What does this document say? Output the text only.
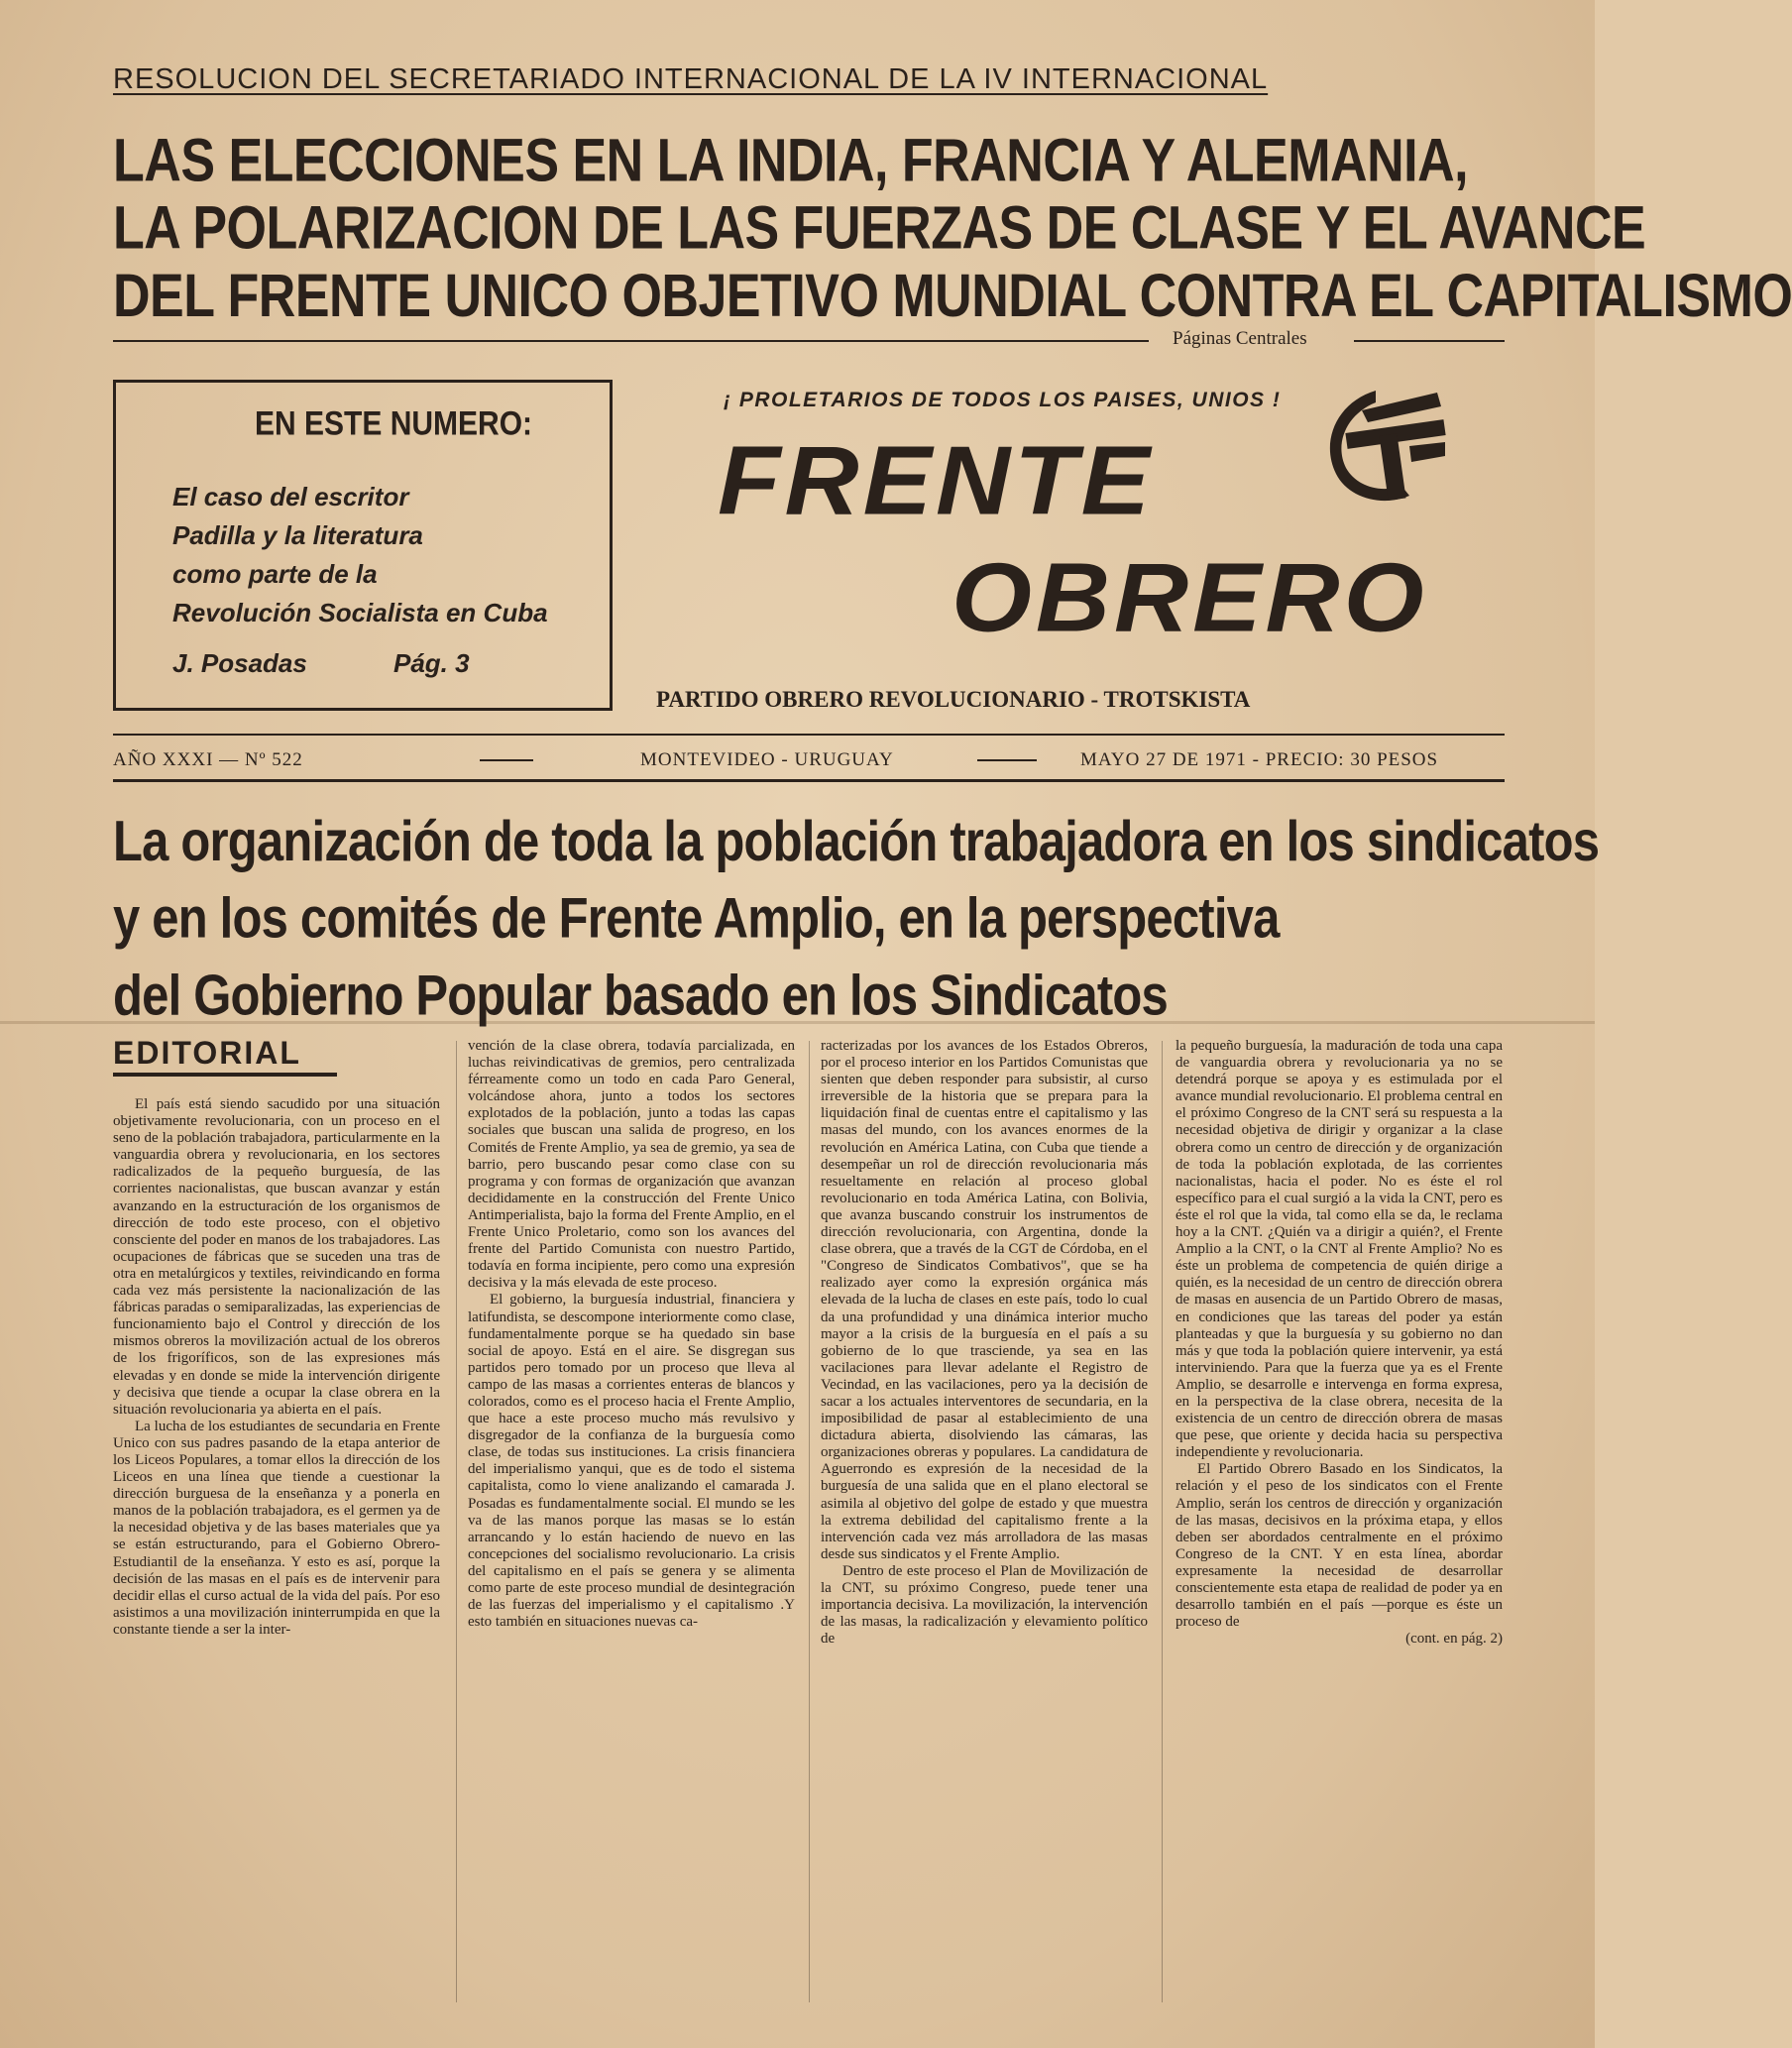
RESOLUCION DEL SECRETARIADO INTERNACIONAL DE LA IV INTERNACIONAL
LAS ELECCIONES EN LA INDIA, FRANCIA Y ALEMANIA,
LA POLARIZACION DE LAS FUERZAS DE CLASE Y EL AVANCE
DEL FRENTE UNICO OBJETIVO MUNDIAL CONTRA EL CAPITALISMO
Páginas Centrales
EN ESTE NUMERO:
El caso del escritor
Padilla y la literatura
como parte de la
Revolución Socialista en Cuba
J. Posadas	Pág. 3
¡ PROLETARIOS DE TODOS LOS PAISES, UNIOS !
FRENTE
OBRERO
PARTIDO OBRERO REVOLUCIONARIO - TROTSKISTA
AÑO XXXI — Nº 522	MONTEVIDEO - URUGUAY	MAYO 27 DE 1971 - PRECIO: 30 PESOS
La organización de toda la población trabajadora en los sindicatos
y en los comités de Frente Amplio, en la perspectiva
del Gobierno Popular basado en los Sindicatos
EDITORIAL

El país está siendo sacudido por una situación objetivamente revolucionaria, con un proceso en el seno de la población trabajadora, particularmente en la vanguardia obrera y revolucionaria, en los sectores radicalizados de la pequeño burguesía, de las corrientes nacionalistas, que buscan avanzar y están avanzando en la estructuración de los organismos de dirección de todo este proceso, con el objetivo consciente del poder en manos de los trabajadores. Las ocupaciones de fábricas que se suceden una tras de otra en metalúrgicos y textiles, reivindicando en forma cada vez más persistente la nacionalización de las fábricas paradas o semiparalizadas, las experiencias de funcionamiento bajo el Control y dirección de los mismos obreros la movilización actual de los obreros de los frigoríficos, son de las expresiones más elevadas y en donde se mide la intervención dirigente y decisiva que tiende a ocupar la clase obrera en la situación revolucionaria ya abierta en el país.

La lucha de los estudiantes de secundaria en Frente Unico con sus padres pasando de la etapa anterior de los Liceos Populares, a tomar ellos la dirección de los Liceos en una línea que tiende a cuestionar la dirección burguesa de la enseñanza y a ponerla en manos de la población trabajadora, es el germen ya de la necesidad objetiva y de las bases materiales que ya se están estructurando, para el Gobierno Obrero-Estudiantil de la enseñanza. Y esto es así, porque la decisión de las masas en el país es de intervenir para decidir ellas el curso actual de la vida del país. Por eso asistimos a una movilización ininterrumpida en que la constante tiende a ser la inter-

vención de la clase obrera, todavía parcializada, en luchas reivindicativas de gremios, pero centralizada férreamente como un todo en cada Paro General, volcándose ahora, junto a todos los sectores explotados de la población, junto a todas las capas sociales que buscan una salida de progreso, en los Comités de Frente Amplio, ya sea de gremio, ya sea de barrio, pero buscando pesar como clase con su programa y con formas de organización que avanzan decididamente en la construcción del Frente Unico Antimperialista, bajo la forma del Frente Amplio, en el Frente Unico Proletario, como son los avances del frente del Partido Comunista con nuestro Partido, todavía en forma incipiente, pero como una expresión decisiva y la más elevada de este proceso.

El gobierno, la burguesía industrial, financiera y latifundista, se descompone interiormente como clase, fundamentalmente porque se ha quedado sin base social de apoyo. Está en el aire. Se disgregan sus partidos pero tomado por un proceso que lleva al campo de las masas a corrientes enteras de blancos y colorados, como es el proceso hacia el Frente Amplio, que hace a este proceso mucho más revulsivo y disgregador de la confianza de la burguesía como clase, de todas sus instituciones. La crisis financiera del imperialismo yanqui, que es de todo el sistema capitalista, como lo viene analizando el camarada J. Posadas es fundamentalmente social. El mundo se les va de las manos porque las masas se lo están arrancando y lo están haciendo de nuevo en las concepciones del socialismo revolucionario. La crisis del capitalismo en el país se genera y se alimenta como parte de este proceso mundial de desintegración de las fuerzas del imperialismo y el capitalismo .Y esto también en situaciones nuevas ca-

racterizadas por los avances de los Estados Obreros, por el proceso interior en los Partidos Comunistas que sienten que deben responder para subsistir, al curso irreversible de la historia que se prepara para la liquidación final de cuentas entre el capitalismo y las masas del mundo, con los avances enormes de la revolución en América Latina, con Cuba que tiende a desempeñar un rol de dirección revolucionaria más resueltamente en relación al proceso global revolucionario en toda América Latina, con Bolivia, que avanza buscando construir los instrumentos de dirección revolucionaria, con Argentina, donde la clase obrera, que a través de la CGT de Córdoba, en el "Congreso de Sindicatos Combativos", que se ha realizado ayer como la expresión orgánica más elevada de la lucha de clases en este país, todo lo cual da una profundidad y una dinámica interior mucho mayor a la crisis de la burguesía en el país a su gobierno de lo que trasciende, ya sea en las vacilaciones para llevar adelante el Registro de Vecindad, en las vacilaciones, pero ya la decisión de sacar a los actuales interventores de secundaria, en la imposibilidad de pasar al establecimiento de una dictadura abierta, disolviendo las cámaras, las organizaciones obreras y populares. La candidatura de Aguerrondo es expresión de la necesidad de la burguesía de una salida que en el plano electoral se asimila al objetivo del golpe de estado y que muestra la extrema debilidad del capitalismo frente a la intervención cada vez más arrolladora de las masas desde sus sindicatos y el Frente Amplio.

Dentro de este proceso el Plan de Movilización de la CNT, su próximo Congreso, puede tener una importancia decisiva. La movilización, la intervención de las masas, la radicalización y elevamiento político de

la pequeño burguesía, la maduración de toda una capa de vanguardia obrera y revolucionaria ya no se detendrá porque se apoya y es estimulada por el avance mundial revolucionario. El problema central en el próximo Congreso de la CNT será su respuesta a la necesidad objetiva de dirigir y organizar a la clase obrera como un centro de dirección y de organización de toda la población explotada, de las corrientes nacionalistas, hacia el poder. No es éste el rol específico para el cual surgió a la vida la CNT, pero es éste el rol que la vida, tal como ella se da, le reclama hoy a la CNT. ¿Quién va a dirigir a quién?, el Frente Amplio a la CNT, o la CNT al Frente Amplio? No es éste un problema de competencia de quién dirige a quién, es la necesidad de un centro de dirección obrera de masas en ausencia de un Partido Obrero de masas, en condiciones que las tareas del poder ya están planteadas y que la burguesía y su gobierno no dan más y que toda la población quiere intervenir, ya está interviniendo. Para que la fuerza que ya es el Frente Amplio, se desarrolle e intervenga en forma expresa, en la perspectiva de la clase obrera, necesita de la existencia de un centro de dirección obrera de masas que pese, que oriente y decida hacia su perspectiva independiente y revolucionaria.

El Partido Obrero Basado en los Sindicatos, la relación y el peso de los sindicatos con el Frente Amplio, serán los centros de dirección y organización de las masas, decisivos en la próxima etapa, y ellos deben ser abordados centralmente en el próximo Congreso de la CNT. Y en esta línea, abordar expresamente la necesidad de desarrollar conscientemente esta etapa de realidad de poder ya en desarrollo también en el país —porque es éste un proceso de

(cont. en pág. 2)
